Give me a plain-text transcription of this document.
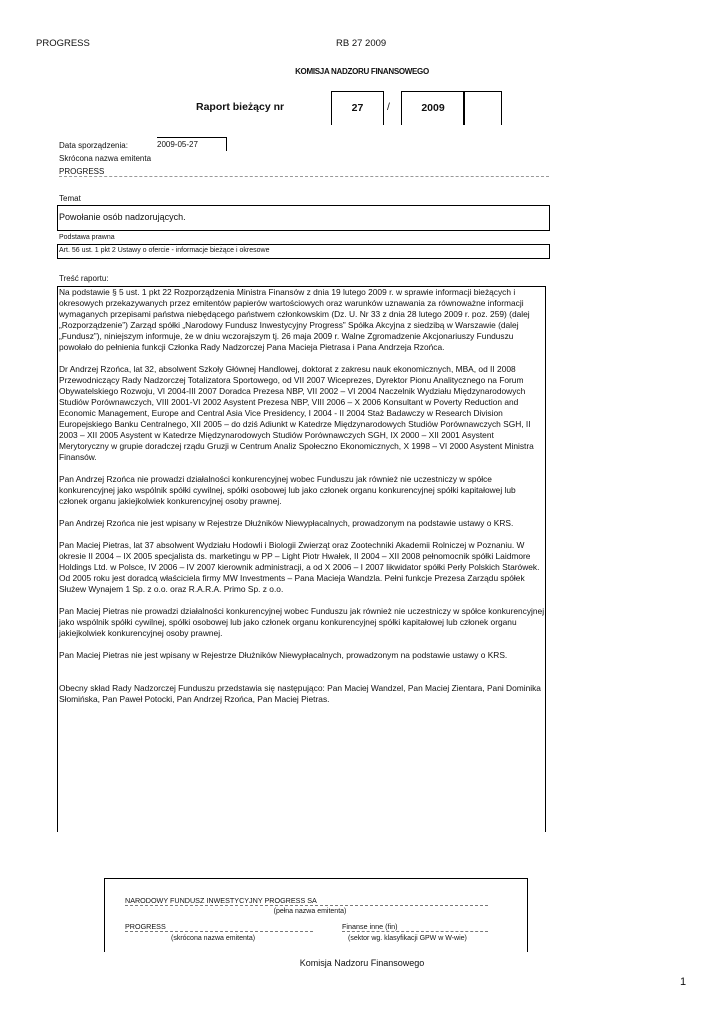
PROGRESS	RB 27 2009
KOMISJA NADZORU FINANSOWEGO
Raport bieżący nr	27	/	2009
Data sporządzenia:	2009-05-27
Skrócona nazwa emitenta
PROGRESS
Temat
Powołanie osób nadzorujących.
Podstawa prawna
Art. 56 ust. 1 pkt 2 Ustawy o ofercie - informacje bieżące i okresowe
Treść raportu:

Na podstawie § 5 ust. 1 pkt 22 Rozporządzenia Ministra Finansów z dnia 19 lutego 2009 r. w sprawie informacji bieżących i okresowych przekazywanych przez emitentów papierów wartościowych oraz warunków uznawania za równoważne informacji wymaganych przepisami państwa niebędącego państwem członkowskim (Dz. U. Nr 33 z dnia 28 lutego 2009 r. poz. 259) (dalej „Rozporządzenie”) Zarząd spółki „Narodowy Fundusz Inwestycyjny Progress” Spółka Akcyjna z siedzibą w Warszawie (dalej „Fundusz”), niniejszym informuje, że w dniu wczorajszym tj. 26 maja 2009 r. Walne Zgromadzenie Akcjonariuszy Funduszu powołało do pełnienia funkcji Członka Rady Nadzorczej Pana Macieja Pietrasa i Pana Andrzeja Rzońca.

Dr Andrzej Rzońca, lat 32, absolwent Szkoły Głównej Handlowej, doktorat z zakresu nauk ekonomicznych, MBA, od II 2008 Przewodniczący Rady Nadzorczej Totalizatora Sportowego, od VII 2007 Wiceprezes, Dyrektor Pionu Analitycznego na Forum Obywatelskiego Rozwoju, VI 2004-III 2007 Doradca Prezesa NBP, VII 2002 – VI 2004 Naczelnik Wydziału Międzynarodowych Studiów Porównawczych, VIII 2001-VI 2002 Asystent Prezesa NBP, VIII 2006 – X 2006 Konsultant w Poverty Reduction and Economic Management, Europe and Central Asia Vice Presidency, I 2004 - II 2004 Staż Badawczy w Research Division Europejskiego Banku Centralnego, XII 2005 – do dziś Adiunkt w Katedrze Międzynarodowych Studiów Porównawczych SGH, II 2003 – XII 2005 Asystent w Katedrze Międzynarodowych Studiów Porównawczych SGH, IX 2000 – XII 2001 Asystent Merytoryczny w grupie doradczej rządu Gruzji w Centrum Analiz Społeczno Ekonomicznych, X 1998 – VI 2000 Asystent Ministra Finansów.

Pan Andrzej Rzońca nie prowadzi działalności konkurencyjnej wobec Funduszu jak również nie uczestniczy w spółce konkurencyjnej jako wspólnik spółki cywilnej, spółki osobowej lub jako członek organu konkurencyjnej spółki kapitałowej lub członek organu jakiejkolwiek konkurencyjnej osoby prawnej.

Pan Andrzej Rzońca nie jest wpisany w Rejestrze Dłużników Niewypłacalnych, prowadzonym na podstawie ustawy o KRS.

Pan Maciej Pietras, lat 37 absolwent Wydziału Hodowli i Biologii Zwierząt oraz Zootechniki Akademii Rolniczej w Poznaniu. W okresie II 2004 – IX 2005 specjalista ds. marketingu w PP – Light Piotr Hwałek, II 2004 – XII 2008 pełnomocnik spółki Laidmore Holdings Ltd. w Polsce, IV 2006 – IV 2007 kierownik administracji, a od X 2006 – I 2007 likwidator spółki Perły Polskich Starówek. Od 2005 roku jest doradcą właściciela firmy MW Investments – Pana Macieja Wandzla. Pełni funkcje Prezesa Zarządu spółek Służew Wynajem 1 Sp. z o.o. oraz R.A.R.A. Primo Sp. z o.o.

Pan Maciej Pietras nie prowadzi działalności konkurencyjnej wobec Funduszu jak również nie uczestniczy w spółce konkurencyjnej jako wspólnik spółki cywilnej, spółki osobowej lub jako członek organu konkurencyjnej spółki kapitałowej lub członek organu jakiejkolwiek konkurencyjnej osoby prawnej.

Pan Maciej Pietras nie jest wpisany w Rejestrze Dłużników Niewypłacalnych, prowadzonym na podstawie ustawy o KRS.

Obecny skład Rady Nadzorczej Funduszu przedstawia się następująco: Pan Maciej Wandzel, Pan Maciej Zientara, Pani Dominika Słomińska, Pan Paweł Potocki, Pan Andrzej Rzońca, Pan Maciej Pietras.

NARODOWY FUNDUSZ INWESTYCYJNY PROGRESS SA
(pełna nazwa emitenta)
PROGRESS
(skrócona nazwa emitenta)
Finanse inne (fin)
(sektor wg. klasyfikacji GPW w W-wie)
Komisja Nadzoru Finansowego
1
